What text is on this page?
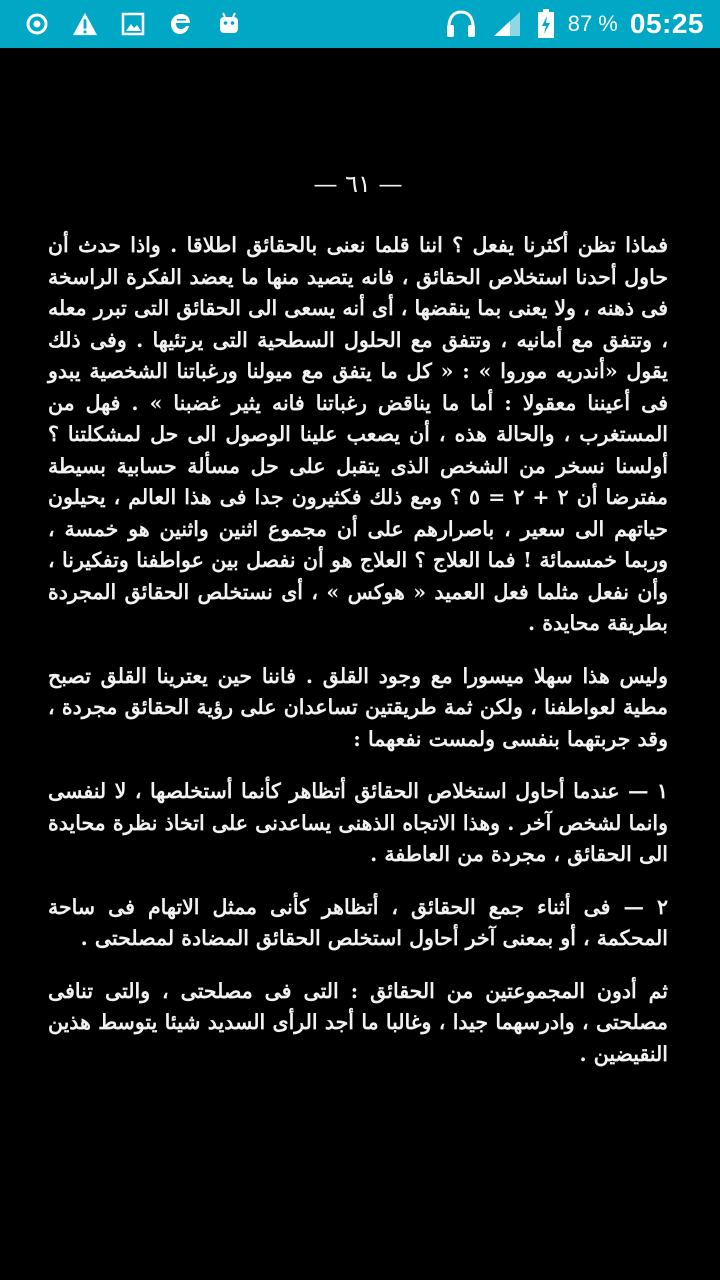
87 % 05:25
— ٦١ —

فماذا تظن أكثرنا يفعل ؟ اننا قلما نعنى بالحقائق اطلاقا . واذا حدث أن حاول أحدنا استخلاص الحقائق ، فانه يتصيد منها ما يعضد الفكرة الراسخة فى ذهنه ، ولا يعنى بما ينقضها ، أى أنه يسعى الى الحقائق التى تبرر معله ، وتتفق مع أمانيه ، وتتفق مع الحلول السطحية التى يرتئيها . وفى ذلك يقول «أندريه موروا » : « كل ما يتفق مع ميولنا ورغباتنا الشخصية يبدو فى أعيننا معقولا : أما ما يناقض رغباتنا فانه يثير غضبنا » . فهل من المستغرب ، والحالة هذه ، أن يصعب علينا الوصول الى حل لمشكلتنا ؟ أولسنا نسخر من الشخص الذى يتقبل على حل مسألة حسابية بسيطة مفترضا أن ٢ + ٢ = ٥ ؟ ومع ذلك فكثيرون جدا فى هذا العالم ، يحيلون حياتهم الى سعير ، باصرارهم على أن مجموع اثنين واثنين هو خمسة ، وربما خمسمائة ! فما العلاج ؟ العلاج هو أن نفصل بين عواطفنا وتفكيرنا ، وأن نفعل مثلما فعل العميد « هوكس » ، أى نستخلص الحقائق المجردة بطريقة محايدة .

وليس هذا سهلا ميسورا مع وجود القلق . فاننا حين يعترينا القلق تصبح مطية لعواطفنا ، ولكن ثمة طريقتين تساعدان على رؤية الحقائق مجردة ، وقد جربتهما بنفسى ولمست نفعهما :

١ — عندما أحاول استخلاص الحقائق أتظاهر كأنما أستخلصها ، لا لنفسى وانما لشخص آخر . وهذا الاتجاه الذهنى يساعدنى على اتخاذ نظرة محايدة الى الحقائق ، مجردة من العاطفة .

٢ — فى أثناء جمع الحقائق ، أتظاهر كأنى ممثل الاتهام فى ساحة المحكمة ، أو بمعنى آخر أحاول استخلص الحقائق المضادة لمصلحتى .

ثم أدون المجموعتين من الحقائق : التى فى مصلحتى ، والتى تنافى مصلحتى ، وادرسهما جيدا ، وغالبا ما أجد الرأى السديد شيئا يتوسط هذين النقيضين .
